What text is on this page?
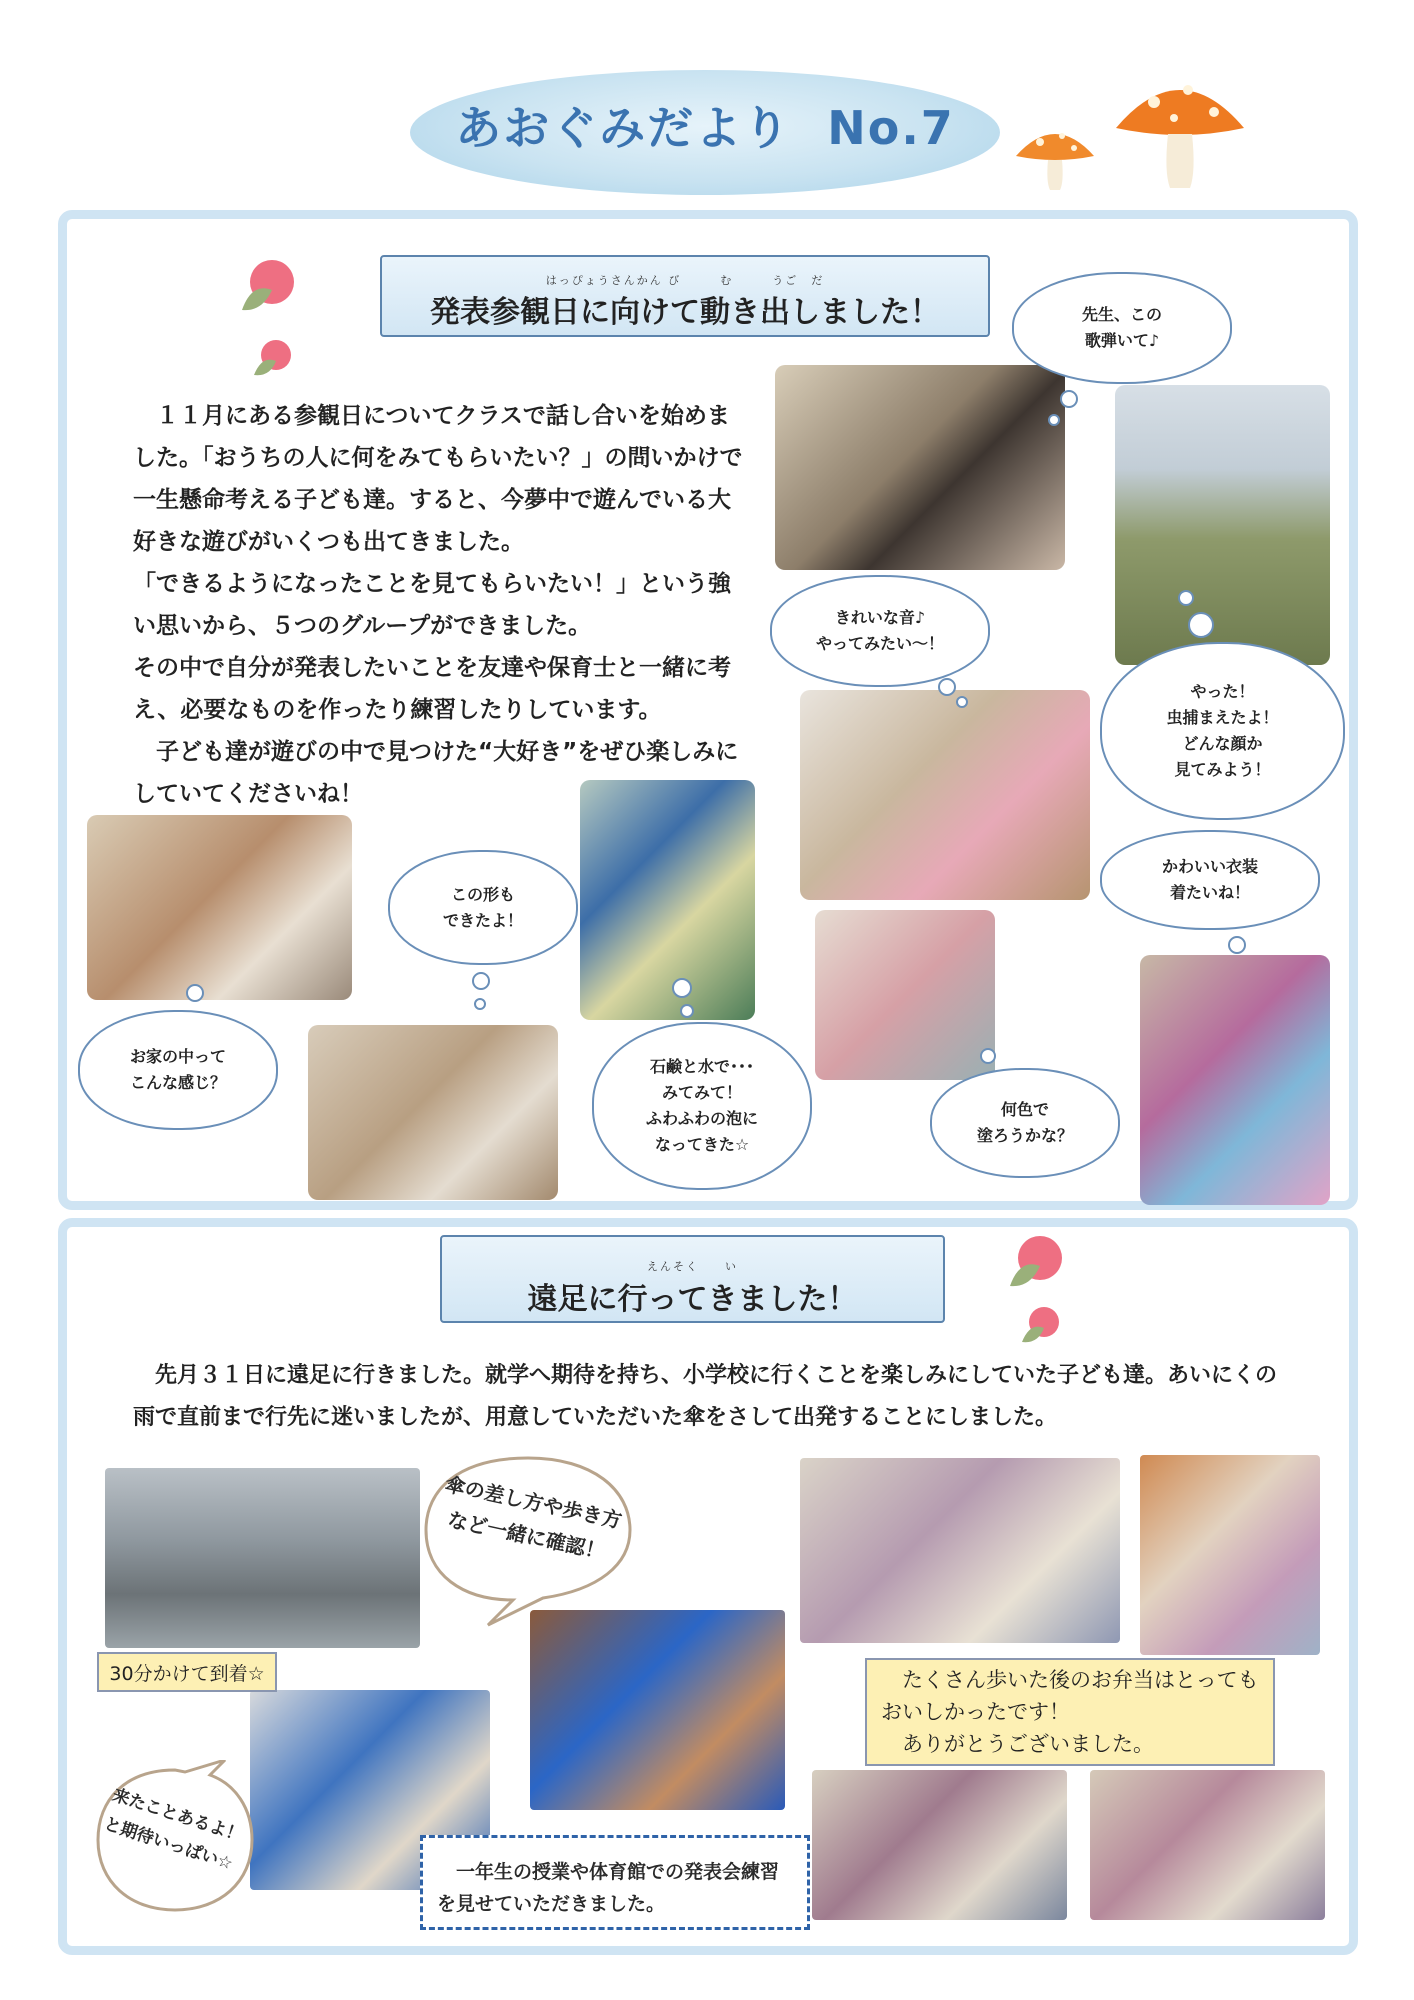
あおぐみだより  No.7
はっぴょうさんかん び　　　む　　　うご　だ
発表参観日に向けて動き出しました！
　１１月にある参観日についてクラスで話し合いを始めました。「おうちの人に何をみてもらいたい？」の問いかけで一生懸命考える子ども達。すると、今夢中で遊んでいる大好きな遊びがいくつも出てきました。
「できるようになったことを見てもらいたい！」という強い思いから、５つのグループができました。
その中で自分が発表したいことを友達や保育士と一緒に考え、必要なものを作ったり練習したりしています。
　子ども達が遊びの中で見つけた“大好き”をぜひ楽しみにしていてくださいね！
先生、この
歌弾いて♪
きれいな音♪
やってみたい～！
やった！
虫捕まえたよ！
どんな顔か
見てみよう！
かわいい衣装
着たいね！
この形も
できたよ！
お家の中って
こんな感じ？
石鹸と水で･･･
みてみて！
ふわふわの泡に
なってきた☆
何色で
塗ろうかな？
えんそく　　い
遠足に行ってきました！
　先月３１日に遠足に行きました。就学へ期待を持ち、小学校に行くことを楽しみにしていた子ども達。あいにくの雨で直前まで行先に迷いましたが、用意していただいた傘をさして出発することにしました。
傘の差し方や歩き方
など一緒に確認！
30分かけて到着☆	　たくさん歩いた後のお弁当はとってもおいしかったです！
　ありがとうございました。
来たことあるよ！
と期待いっぱい☆	　一年生の授業や体育館での発表会練習を見せていただきました。
